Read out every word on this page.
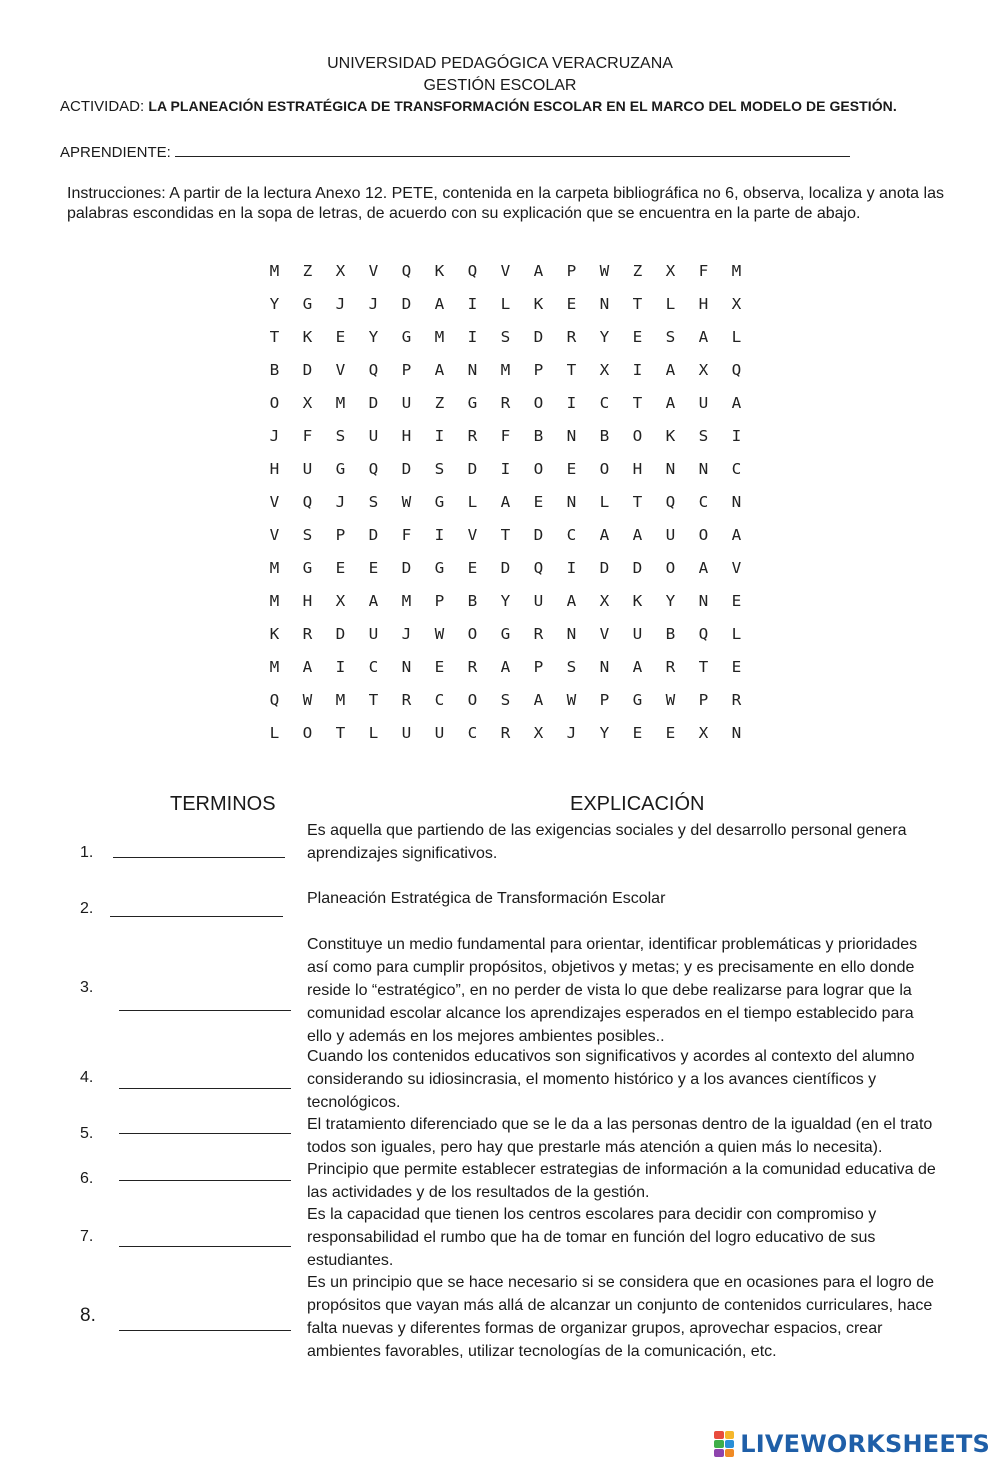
UNIVERSIDAD PEDAGÓGICA VERACRUZANA
GESTIÓN ESCOLAR
ACTIVIDAD: LA PLANEACIÓN ESTRATÉGICA DE TRANSFORMACIÓN ESCOLAR EN EL MARCO DEL MODELO DE GESTIÓN.
APRENDIENTE:
Instrucciones: A partir de la lectura Anexo 12. PETE, contenida en la carpeta bibliográfica no 6, observa, localiza y anota las palabras escondidas en la sopa de letras, de acuerdo con su explicación que se encuentra en la parte de abajo.
M	Z	X	V	Q	K	Q	V	A	P	W	Z	X	F	M
Y	G	J	J	D	A	I	L	K	E	N	T	L	H	X
T	K	E	Y	G	M	I	S	D	R	Y	E	S	A	L
B	D	V	Q	P	A	N	M	P	T	X	I	A	X	Q
O	X	M	D	U	Z	G	R	O	I	C	T	A	U	A
J	F	S	U	H	I	R	F	B	N	B	O	K	S	I
H	U	G	Q	D	S	D	I	O	E	O	H	N	N	C
V	Q	J	S	W	G	L	A	E	N	L	T	Q	C	N
V	S	P	D	F	I	V	T	D	C	A	A	U	O	A
M	G	E	E	D	G	E	D	Q	I	D	D	O	A	V
M	H	X	A	M	P	B	Y	U	A	X	K	Y	N	E
K	R	D	U	J	W	O	G	R	N	V	U	B	Q	L
M	A	I	C	N	E	R	A	P	S	N	A	R	T	E
Q	W	M	T	R	C	O	S	A	W	P	G	W	P	R
L	O	T	L	U	U	C	R	X	J	Y	E	E	X	N
TERMINOS	EXPLICACIÓN
1.
Es aquella que partiendo de las exigencias sociales y del desarrollo personal genera aprendizajes significativos.
2.
Planeación Estratégica de Transformación Escolar
3.
Constituye un medio fundamental para orientar, identificar problemáticas y prioridades así como para cumplir propósitos, objetivos y metas; y es precisamente en ello donde reside lo “estratégico”, en no perder de vista lo que debe realizarse para lograr que la comunidad escolar alcance los aprendizajes esperados en el tiempo establecido para ello y además en los mejores ambientes posibles..
4.
Cuando los contenidos educativos son significativos y acordes al contexto del alumno considerando su idiosincrasia, el momento histórico y a los avances científicos y tecnológicos.
5.
El tratamiento diferenciado que se le da a las personas dentro de la igualdad (en el trato todos son iguales, pero hay que prestarle más atención a quien más lo necesita).
6.
Principio que permite establecer estrategias de información a la comunidad educativa de las actividades y de los resultados de la gestión.
7.
Es la capacidad que tienen los centros escolares para decidir con compromiso y responsabilidad el rumbo que ha de tomar en función del logro educativo de sus estudiantes.
8.
Es un principio que se hace necesario si se considera que en ocasiones para el logro de propósitos que vayan más allá de alcanzar un conjunto de contenidos curriculares, hace falta nuevas y diferentes formas de organizar grupos, aprovechar espacios, crear ambientes favorables, utilizar tecnologías de la comunicación, etc.
LIVEWORKSHEETS
